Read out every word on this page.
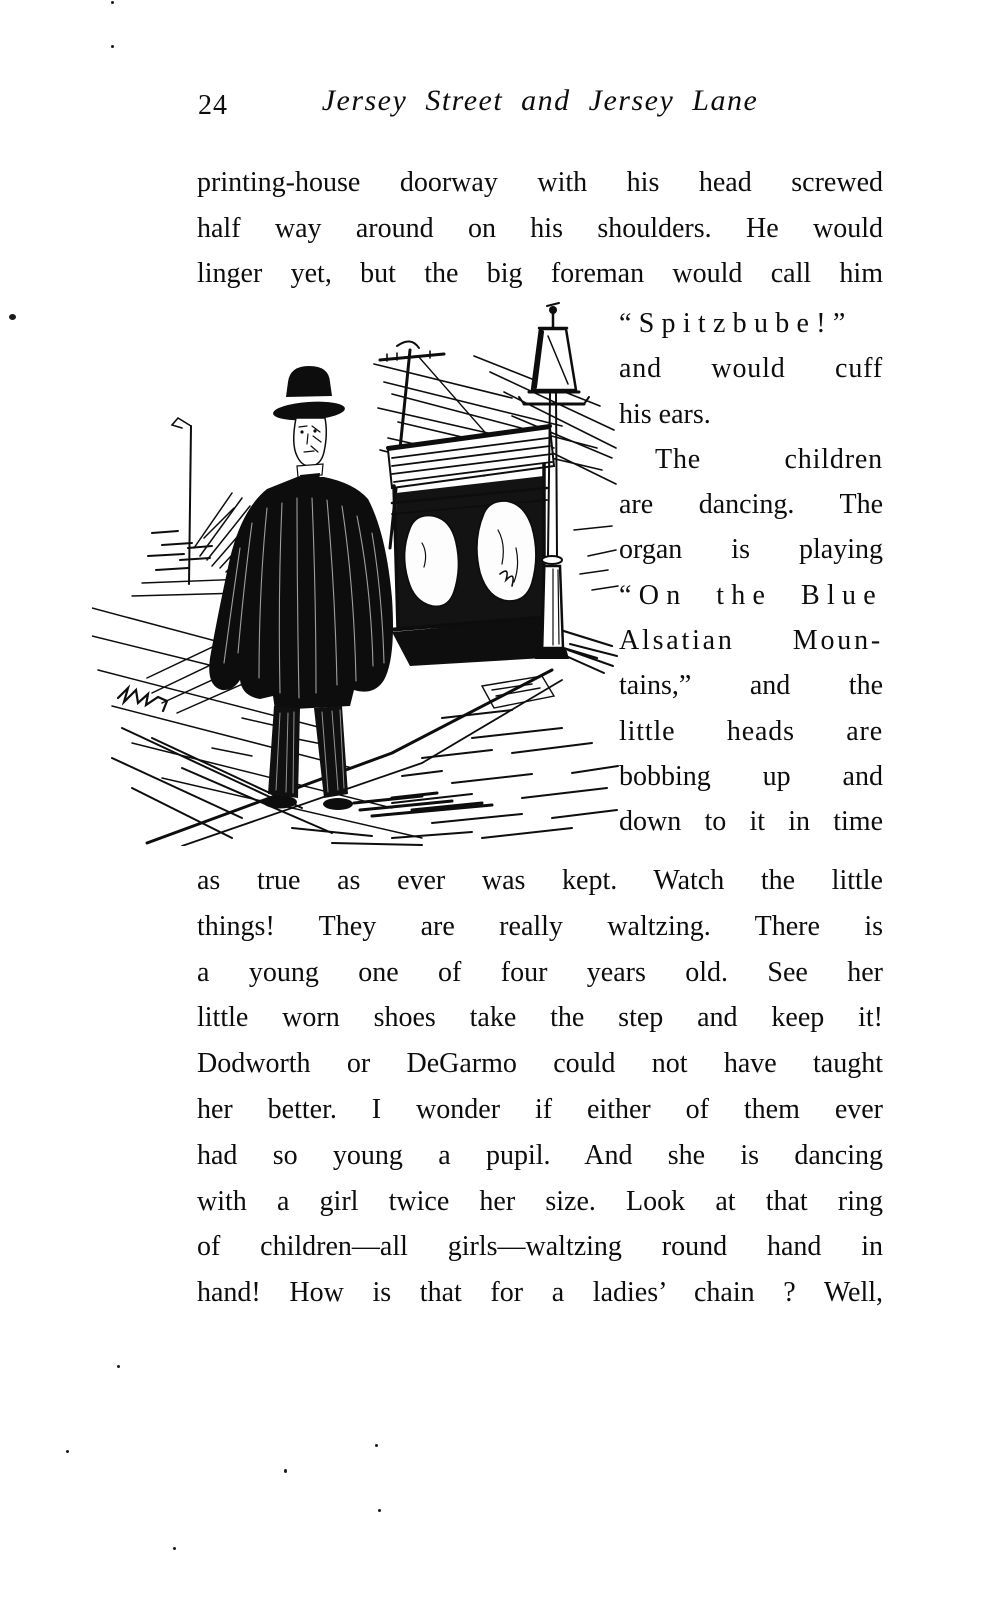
24	Jersey Street and Jersey Lane
printing-house doorway with his head screwed
half way around on his shoulders. He would
linger yet, but the big foreman would call him
“Spitzbube!”
and would cuff
his ears.
The children
are dancing. The
organ is playing
“On the Blue
Alsatian Moun-
tains,” and the
little heads are
bobbing up and
down to it in time
as true as ever was kept. Watch the little
things! They are really waltzing. There is
a young one of four years old. See her
little worn shoes take the step and keep it!
Dodworth or DeGarmo could not have taught
her better. I wonder if either of them ever
had so young a pupil. And she is dancing
with a girl twice her size. Look at that ring
of children—all girls—waltzing round hand in
hand! How is that for a ladies’ chain ? Well,
